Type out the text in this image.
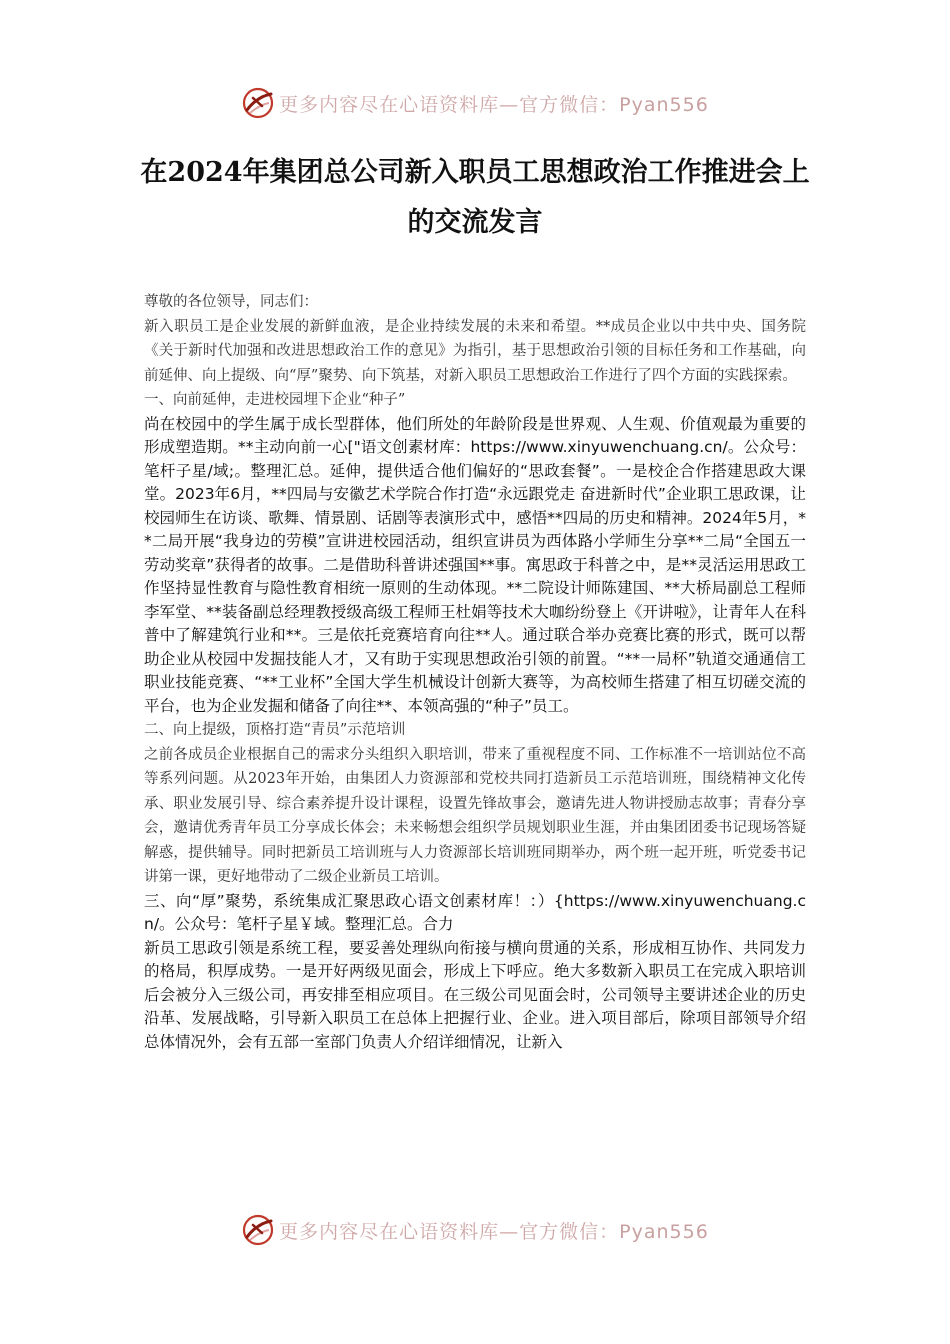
更多内容尽在心语资料库—官方微信：Pyan556
在2024年集团总公司新入职员工思想政治工作推进会上的交流发言

尊敬的各位领导，同志们：

新入职员工是企业发展的新鲜血液，是企业持续发展的未来和希望。**成员企业以中共中央、国务院《关于新时代加强和改进思想政治工作的意见》为指引，基于思想政治引领的目标任务和工作基础，向前延伸、向上提级、向“厚”聚势、向下筑基，对新入职员工思想政治工作进行了四个方面的实践探索。

一、向前延伸，走进校园埋下企业“种子”

尚在校园中的学生属于成长型群体，他们所处的年龄阶段是世界观、人生观、价值观最为重要的形成塑造期。**主动向前一心["语文创素材库：https://www.xinyuwenchuang.cn/。公众号：笔杆子星/域;。整理汇总。延伸，提供适合他们偏好的“思政套餐”。一是校企合作搭建思政大课堂。2023年6月，**四局与安徽艺术学院合作打造“永远跟党走 奋进新时代”企业职工思政课，让校园师生在访谈、歌舞、情景剧、话剧等表演形式中，感悟**四局的历史和精神。2024年5月，**二局开展“我身边的劳模”宣讲进校园活动，组织宣讲员为西体路小学师生分享**二局“全国五一劳动奖章”获得者的故事。二是借助科普讲述强国**事。寓思政于科普之中，是**灵活运用思政工作坚持显性教育与隐性教育相统一原则的生动体现。**二院设计师陈建国、**大桥局副总工程师李军堂、**装备副总经理教授级高级工程师王杜娟等技术大咖纷纷登上《开讲啦》，让青年人在科普中了解建筑行业和**。三是依托竞赛培育向往**人。通过联合举办竞赛比赛的形式，既可以帮助企业从校园中发掘技能人才，又有助于实现思想政治引领的前置。“**一局杯”轨道交通通信工职业技能竞赛、“**工业杯”全国大学生机械设计创新大赛等，为高校师生搭建了相互切磋交流的平台，也为企业发掘和储备了向往**、本领高强的“种子”员工。

二、向上提级，顶格打造“青员”示范培训

之前各成员企业根据自己的需求分头组织入职培训，带来了重视程度不同、工作标准不一培训站位不高等系列问题。从2023年开始，由集团人力资源部和党校共同打造新员工示范培训班，围绕精神文化传承、职业发展引导、综合素养提升设计课程，设置先锋故事会，邀请先进人物讲授励志故事；青春分享会，邀请优秀青年员工分享成长体会；未来畅想会组织学员规划职业生涯，并由集团团委书记现场答疑解惑，提供辅导。同时把新员工培训班与人力资源部长培训班同期举办，两个班一起开班，听党委书记讲第一课，更好地带动了二级企业新员工培训。

三、向“厚”聚势，系统集成汇聚思政心语文创素材库！：）{https://www.xinyuwenchuang.cn/。公众号：笔杆子星￥域。整理汇总。合力

新员工思政引领是系统工程，要妥善处理纵向衔接与横向贯通的关系，形成相互协作、共同发力的格局，积厚成势。一是开好两级见面会，形成上下呼应。绝大多数新入职员工在完成入职培训后会被分入三级公司，再安排至相应项目。在三级公司见面会时，公司领导主要讲述企业的历史沿革、发展战略，引导新入职员工在总体上把握行业、企业。进入项目部后，除项目部领导介绍总体情况外，会有五部一室部门负责人介绍详细情况，让新入

更多内容尽在心语资料库—官方微信：Pyan556
